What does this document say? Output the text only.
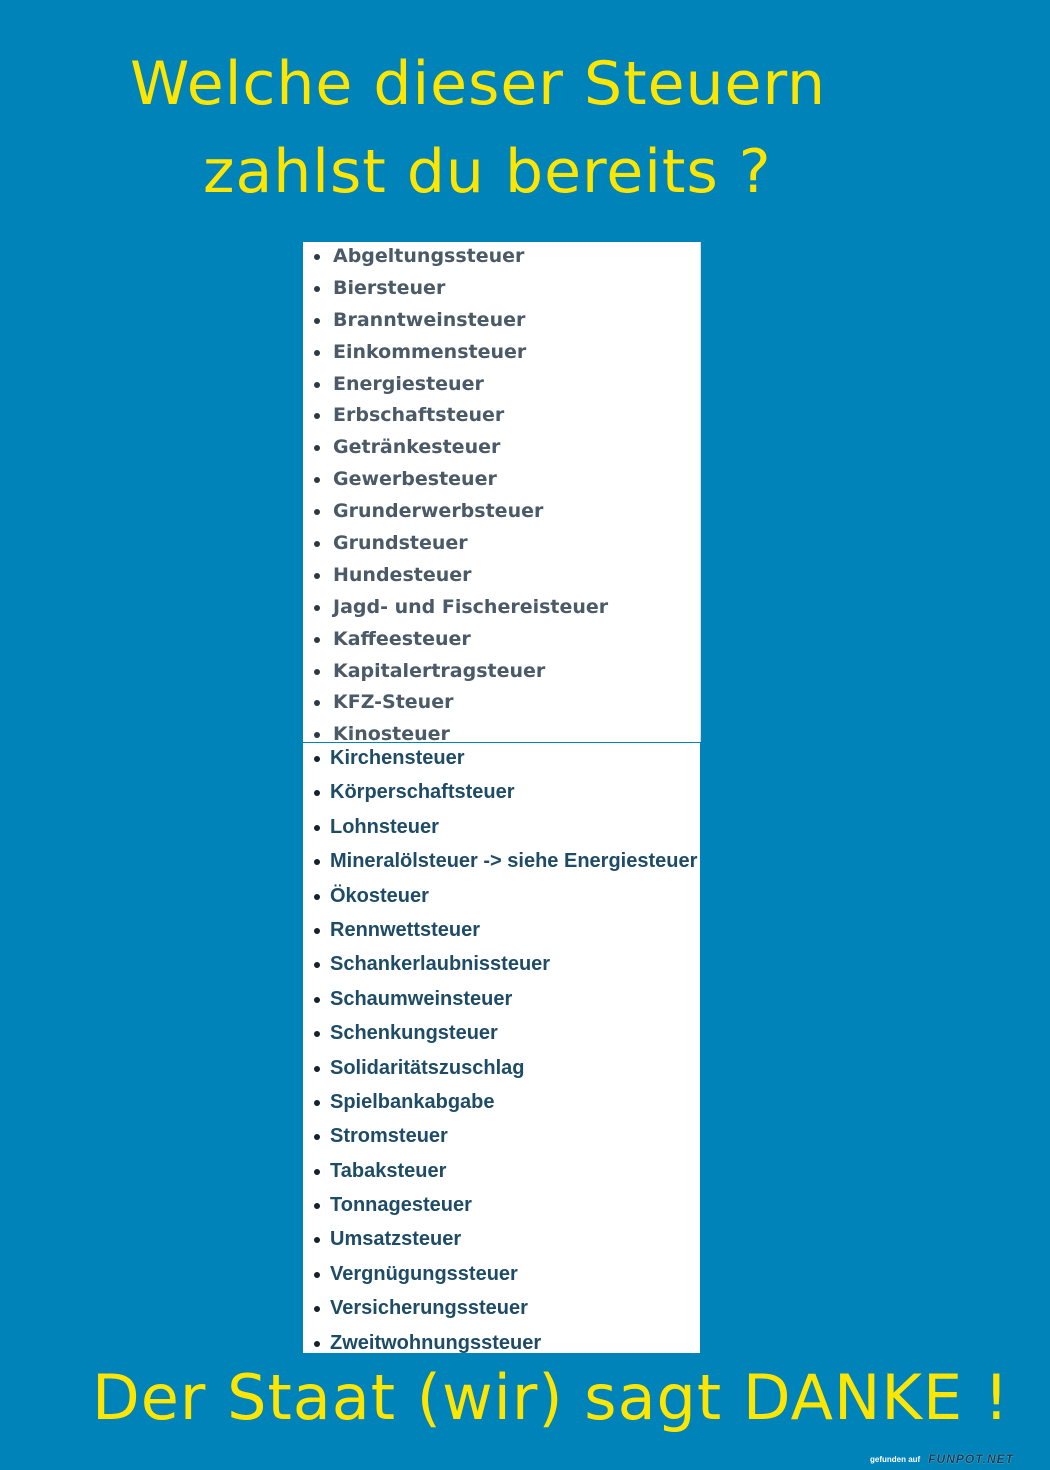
Welche dieser Steuern
zahlst du bereits ?
Abgeltungssteuer
Biersteuer
Branntweinsteuer
Einkommensteuer
Energiesteuer
Erbschaftsteuer
Getränkesteuer
Gewerbesteuer
Grunderwerbsteuer
Grundsteuer
Hundesteuer
Jagd- und Fischereisteuer
Kaffeesteuer
Kapitalertragsteuer
KFZ-Steuer
Kinosteuer
Kirchensteuer
Körperschaftsteuer
Lohnsteuer
Mineralölsteuer -> siehe Energiesteuer
Ökosteuer
Rennwettsteuer
Schankerlaubnissteuer
Schaumweinsteuer
Schenkungsteuer
Solidaritätszuschlag
Spielbankabgabe
Stromsteuer
Tabaksteuer
Tonnagesteuer
Umsatzsteuer
Vergnügungssteuer
Versicherungssteuer
Zweitwohnungssteuer
Der Staat (wir) sagt DANKE !
gefunden auf FUNPOT.NET
